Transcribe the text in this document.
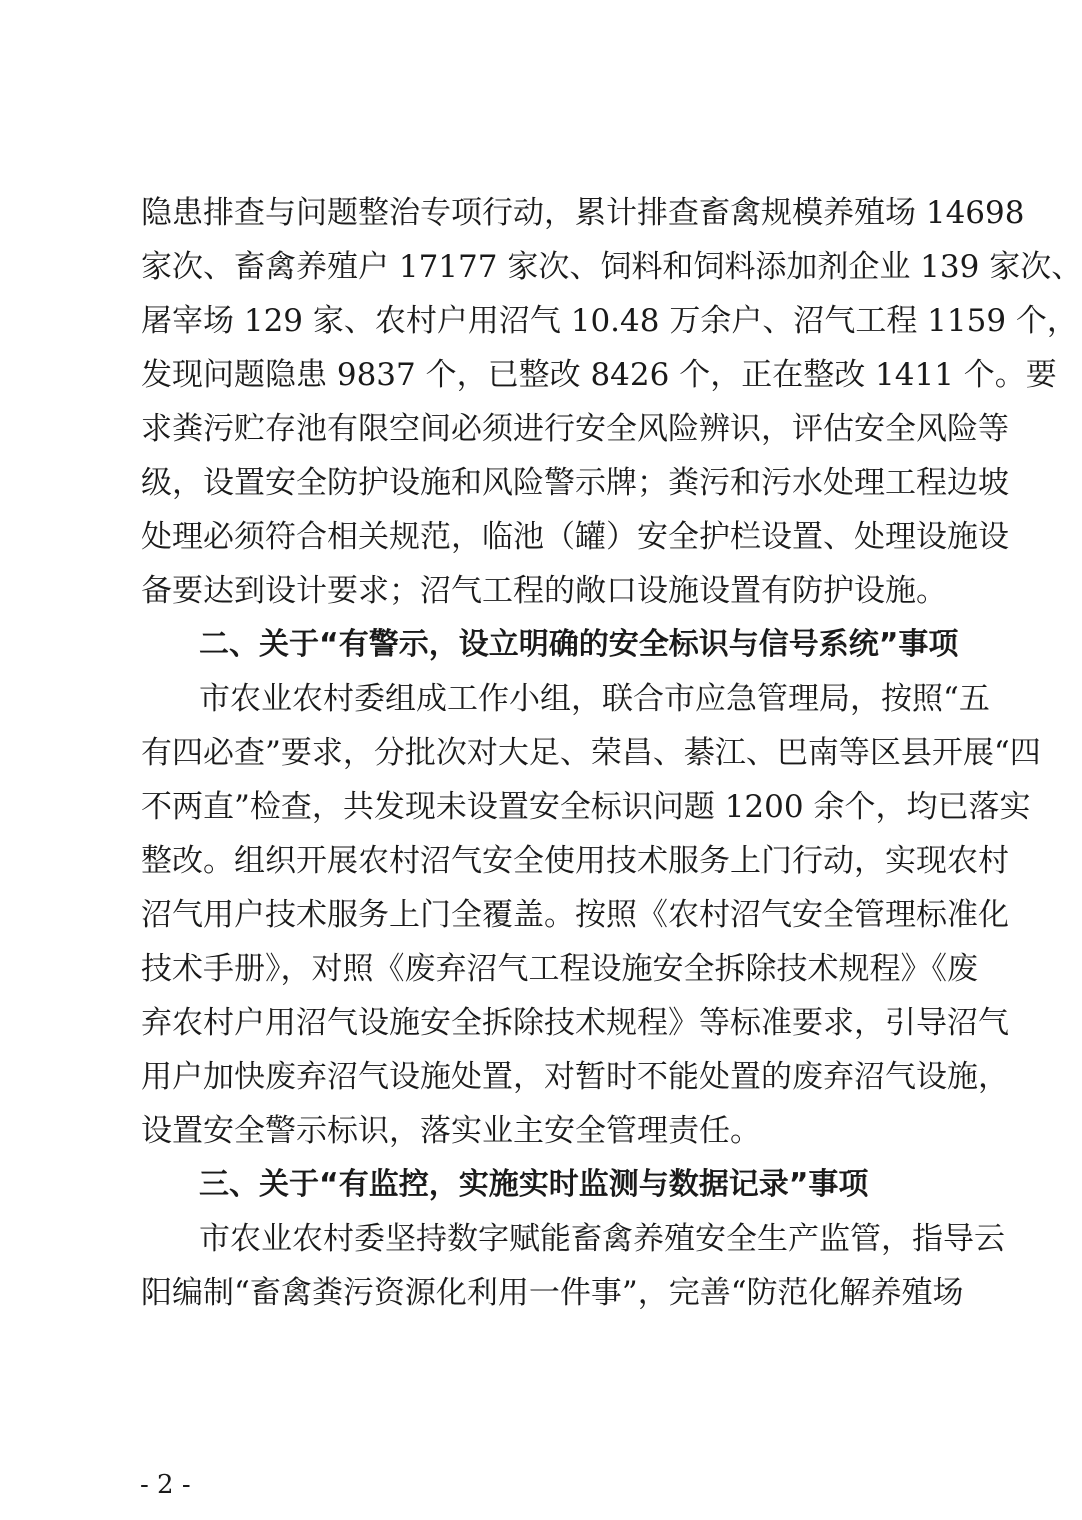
隐患排查与问题整治专项行动，累计排查畜禽规模养殖场 14698
家次、畜禽养殖户 17177 家次、饲料和饲料添加剂企业 139 家次、
屠宰场 129 家、农村户用沼气 10.48 万余户、沼气工程 1159 个，
发现问题隐患 9837 个，已整改 8426 个，正在整改 1411 个。要
求粪污贮存池有限空间必须进行安全风险辨识，评估安全风险等
级，设置安全防护设施和风险警示牌；粪污和污水处理工程边坡
处理必须符合相关规范，临池（罐）安全护栏设置、处理设施设
备要达到设计要求；沼气工程的敞口设施设置有防护设施。
二、关于“有警示，设立明确的安全标识与信号系统”事项
市农业农村委组成工作小组，联合市应急管理局，按照“五
有四必查”要求，分批次对大足、荣昌、綦江、巴南等区县开展“四
不两直”检查，共发现未设置安全标识问题 1200 余个，均已落实
整改。组织开展农村沼气安全使用技术服务上门行动，实现农村
沼气用户技术服务上门全覆盖。按照《农村沼气安全管理标准化
技术手册》，对照《废弃沼气工程设施安全拆除技术规程》《废
弃农村户用沼气设施安全拆除技术规程》等标准要求，引导沼气
用户加快废弃沼气设施处置，对暂时不能处置的废弃沼气设施，
设置安全警示标识，落实业主安全管理责任。
三、关于“有监控，实施实时监测与数据记录”事项
市农业农村委坚持数字赋能畜禽养殖安全生产监管，指导云
阳编制“畜禽粪污资源化利用一件事”，完善“防范化解养殖场
- 2 -
